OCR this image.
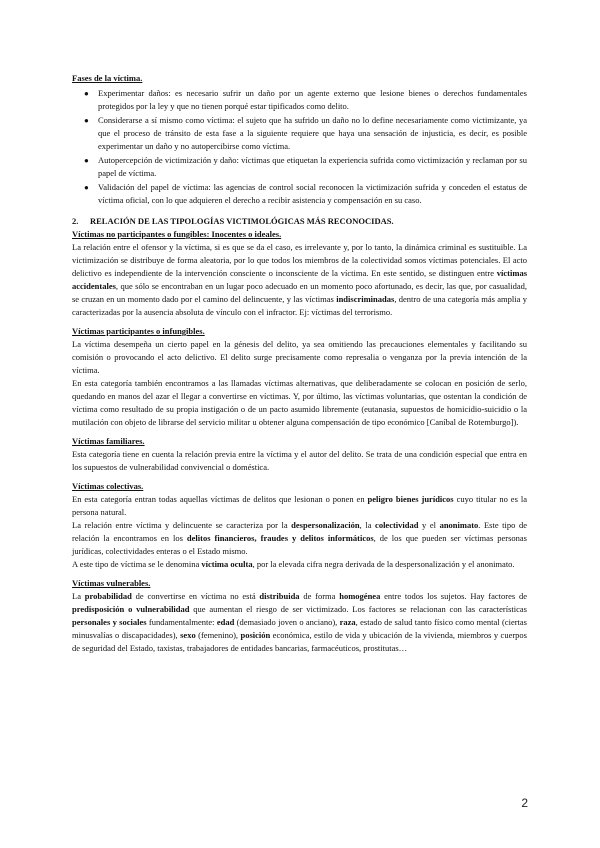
Fases de la víctima.

● Experimentar daños: es necesario sufrir un daño por un agente externo que lesione bienes o derechos fundamentales protegidos por la ley y que no tienen porqué estar tipificados como delito.
● Considerarse a sí mismo como víctima: el sujeto que ha sufrido un daño no lo define necesariamente como victimizante, ya que el proceso de tránsito de esta fase a la siguiente requiere que haya una sensación de injusticia, es decir, es posible experimentar un daño y no autopercibirse como víctima.
● Autopercepción de victimización y daño: víctimas que etiquetan la experiencia sufrida como victimización y reclaman por su papel de víctima.
● Validación del papel de víctima: las agencias de control social reconocen la victimización sufrida y conceden el estatus de víctima oficial, con lo que adquieren el derecho a recibir asistencia y compensación en su caso.

2. RELACIÓN DE LAS TIPOLOGÍAS VICTIMOLÓGICAS MÁS RECONOCIDAS.

Víctimas no participantes o fungibles: Inocentes o ideales.

La relación entre el ofensor y la víctima, si es que se da el caso, es irrelevante y, por lo tanto, la dinámica criminal es sustituible. La victimización se distribuye de forma aleatoria, por lo que todos los miembros de la colectividad somos víctimas potenciales. El acto delictivo es independiente de la intervención consciente o inconsciente de la víctima. En este sentido, se distinguen entre víctimas accidentales, que sólo se encontraban en un lugar poco adecuado en un momento poco afortunado, es decir, las que, por casualidad, se cruzan en un momento dado por el camino del delincuente, y las víctimas indiscriminadas, dentro de una categoría más amplia y caracterizadas por la ausencia absoluta de vínculo con el infractor. Ej: víctimas del terrorismo.

Víctimas participantes o infungibles.

La víctima desempeña un cierto papel en la génesis del delito, ya sea omitiendo las precauciones elementales y facilitando su comisión o provocando el acto delictivo. El delito surge precisamente como represalia o venganza por la previa intención de la víctima.

En esta categoría también encontramos a las llamadas víctimas alternativas, que deliberadamente se colocan en posición de serlo, quedando en manos del azar el llegar a convertirse en víctimas. Y, por último, las víctimas voluntarias, que ostentan la condición de víctima como resultado de su propia instigación o de un pacto asumido libremente (eutanasia, supuestos de homicidio-suicidio o la mutilación con objeto de librarse del servicio militar u obtener alguna compensación de tipo económico [Caníbal de Rotemburgo]).

Víctimas familiares.

Esta categoría tiene en cuenta la relación previa entre la víctima y el autor del delito. Se trata de una condición especial que entra en los supuestos de vulnerabilidad convivencial o doméstica.

Víctimas colectivas.

En esta categoría entran todas aquellas víctimas de delitos que lesionan o ponen en peligro bienes jurídicos cuyo titular no es la persona natural.

La relación entre víctima y delincuente se caracteriza por la despersonalización, la colectividad y el anonimato. Este tipo de relación la encontramos en los delitos financieros, fraudes y delitos informáticos, de los que pueden ser víctimas personas jurídicas, colectividades enteras o el Estado mismo.

A este tipo de víctima se le denomina víctima oculta, por la elevada cifra negra derivada de la despersonalización y el anonimato.

Víctimas vulnerables.

La probabilidad de convertirse en víctima no está distribuida de forma homogénea entre todos los sujetos. Hay factores de predisposición o vulnerabilidad que aumentan el riesgo de ser victimizado. Los factores se relacionan con las características personales y sociales fundamentalmente: edad (demasiado joven o anciano), raza, estado de salud tanto físico como mental (ciertas minusvalías o discapacidades), sexo (femenino), posición económica, estilo de vida y ubicación de la vivienda, miembros y cuerpos de seguridad del Estado, taxistas, trabajadores de entidades bancarias, farmacéuticos, prostitutas…

2
